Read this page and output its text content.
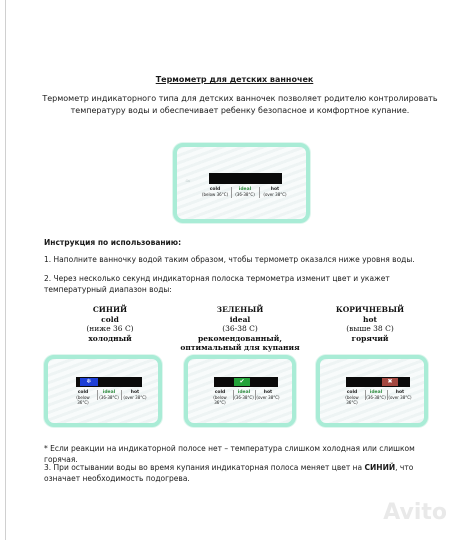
Термометр для детских ванночек
Термометр индикаторного типа для детских ванночек позволяет родителю контролировать температуру воды и обеспечивает ребенку безопасное и комфортное купание.
≈
cold
(below 36°C)
ideal
(36-38°C)
hot
(over 38°C)
Инструкция по использованию:
1. Наполните ванночку водой таким образом, чтобы термометр оказался ниже уровня воды.
2. Через несколько секунд индикаторная полоска термометра изменит цвет и укажет температурный диапазон воды:
СИНИЙ
cold
(ниже 36 С)
холодный
ЗЕЛЕНЫЙ
ideal
(36-38 С)
рекомендованный,
оптимальный для купания
КОРИЧНЕВЫЙ
hot
(выше 38 С)
горячий
❄
cold
(below 36°C)
ideal
(36-38°C)
hot
(over 38°C)
✔
cold
(below 36°C)
ideal
(36-38°C)
hot
(over 38°C)
✖
cold
(below 36°C)
ideal
(36-38°C)
hot
(over 38°C)
* Если реакции на индикаторной полосе нет – температура слишком холодная или слишком горячая.
3. При остывании воды во время купания индикаторная полоса меняет цвет на СИНИЙ, что означает необходимость подогрева.
Avito
